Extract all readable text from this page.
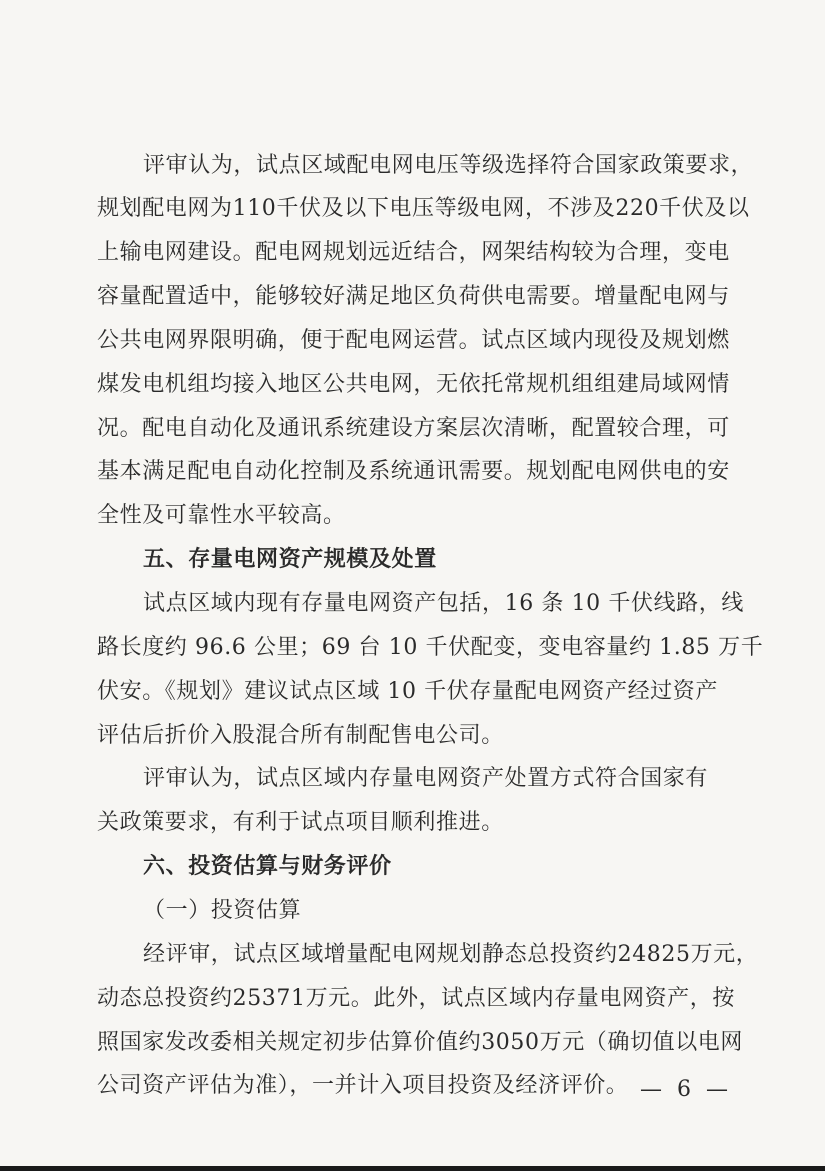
评审认为，试点区域配电网电压等级选择符合国家政策要求，
规划配电网为110千伏及以下电压等级电网，不涉及220千伏及以
上输电网建设。配电网规划远近结合，网架结构较为合理，变电
容量配置适中，能够较好满足地区负荷供电需要。增量配电网与
公共电网界限明确，便于配电网运营。试点区域内现役及规划燃
煤发电机组均接入地区公共电网，无依托常规机组组建局域网情
况。配电自动化及通讯系统建设方案层次清晰，配置较合理，可
基本满足配电自动化控制及系统通讯需要。规划配电网供电的安
全性及可靠性水平较高。
五、存量电网资产规模及处置
试点区域内现有存量电网资产包括，16 条 10 千伏线路，线
路长度约 96.6 公里；69 台 10 千伏配变，变电容量约 1.85 万千
伏安。《规划》建议试点区域 10 千伏存量配电网资产经过资产
评估后折价入股混合所有制配售电公司。
评审认为，试点区域内存量电网资产处置方式符合国家有
关政策要求，有利于试点项目顺利推进。
六、投资估算与财务评价
（一）投资估算
经评审，试点区域增量配电网规划静态总投资约24825万元，
动态总投资约25371万元。此外，试点区域内存量电网资产，按
照国家发改委相关规定初步估算价值约3050万元（确切值以电网
公司资产评估为准），一并计入项目投资及经济评价。 — 6 —
